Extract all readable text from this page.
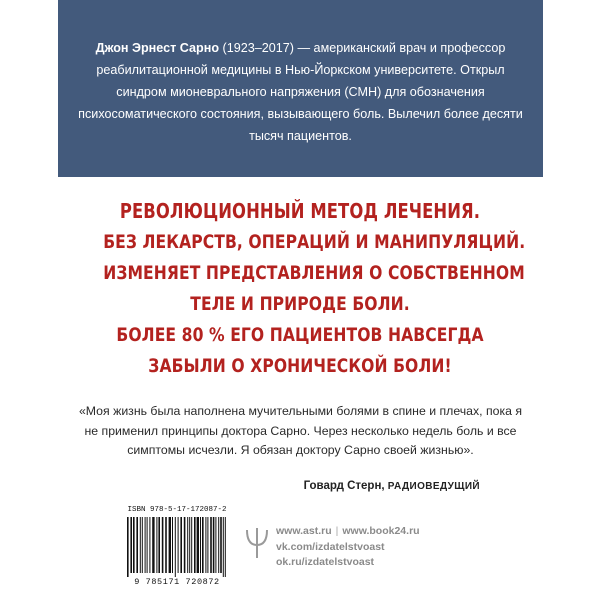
Джон Эрнест Сарно (1923–2017) — американский врач и профессор реабилитационной медицины в Нью-Йоркском университете. Открыл синдром мионеврального напряжения (СМН) для обозначения психосоматического состояния, вызывающего боль. Вылечил более десяти тысяч пациентов.

РЕВОЛЮЦИОННЫЙ МЕТОД ЛЕЧЕНИЯ.
БЕЗ ЛЕКАРСТВ, ОПЕРАЦИЙ И МАНИПУЛЯЦИЙ.
ИЗМЕНЯЕТ ПРЕДСТАВЛЕНИЯ О СОБСТВЕННОМ
ТЕЛЕ И ПРИРОДЕ БОЛИ.
БОЛЕЕ 80 % ЕГО ПАЦИЕНТОВ НАВСЕГДА
ЗАБЫЛИ О ХРОНИЧЕСКОЙ БОЛИ!

«Моя жизнь была наполнена мучительными болями в спине и плечах, пока я не применил принципы доктора Сарно. Через несколько недель боль и все симптомы исчезли. Я обязан доктору Сарно своей жизнью».

Говард Стерн, РАДИОВЕДУЩИЙ
ISBN 978-5-17-172087-2
9 785171 720872
www.ast.ru | www.book24.ru
vk.com/izdatelstvoast
ok.ru/izdatelstvoast
